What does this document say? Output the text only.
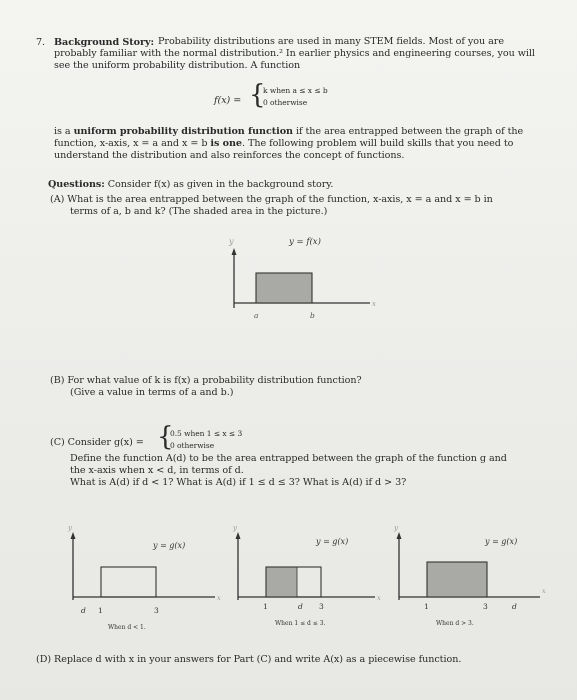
7. Background Story: Probability distributions are used in many STEM fields. Most of you are
probably familiar with the normal distribution.² In earlier physics and engineering courses, you will
see the uniform probability distribution. A function
f(x) = {
k when a ≤ x ≤ b
0 otherwise
is a uniform probability distribution function if the area entrapped between the graph of the
function, x-axis, x = a and x = b is one. The following problem will build skills that you need to
understand the distribution and also reinforces the concept of functions.
Questions: Consider f(x) as given in the background story.
(A) What is the area entrapped between the graph of the function, x-axis, x = a and x = b in
terms of a, b and k? (The shaded area in the picture.)
y
x
y = f(x)
a	b
(B) For what value of k is f(x) a probability distribution function?
(Give a value in terms of a and b.)
(C) Consider g(x) = {
0.5 when 1 ≤ x ≤ 3
0 otherwise
Define the function A(d) to be the area entrapped between the graph of the function g and
the x-axis when x < d, in terms of d.
What is A(d) if d < 1? What is A(d) if 1 ≤ d ≤ 3? What is A(d) if d > 3?
y
x
y = g(x)
d 1	3
When d < 1.
y
x
y = g(x)
1	d 3
When 1 ≤ d ≤ 3.
y
x
y = g(x)
1	3	d
When d > 3.
(D) Replace d with x in your answers for Part (C) and write A(x) as a piecewise function.
